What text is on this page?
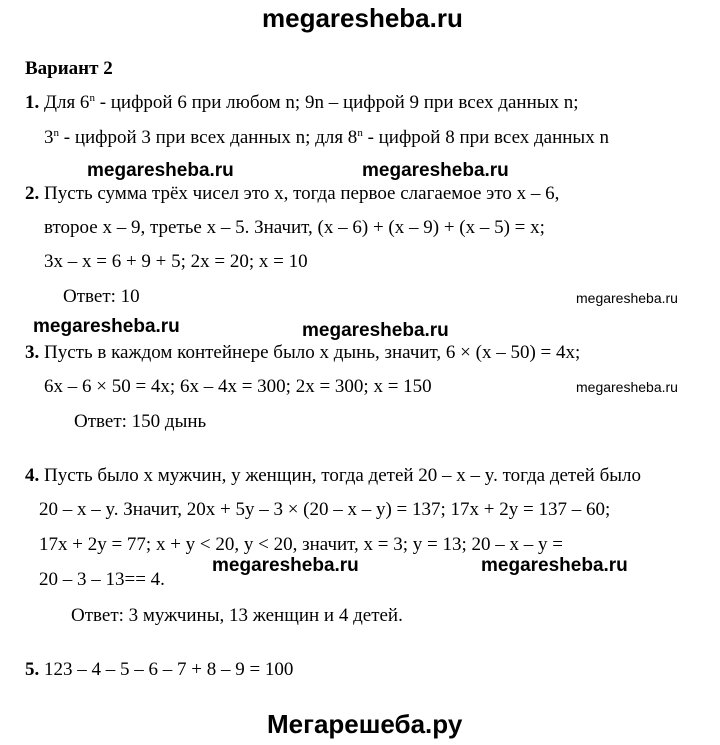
megaresheba.ru
Вариант 2
1. Для 6$^n$ - цифрой 6 при любом n; 9n – цифрой 9 при всех данных n;
3$^n$ - цифрой 3 при всех данных n; для 8$^n$ - цифрой 8 при всех данных n
megaresheba.ru	megaresheba.ru
2. Пусть сумма трёх чисел это x, тогда первое слагаемое это x – 6,
второе x – 9, третье x – 5. Значит, (x – 6) + (x – 9) + (x – 5) = x;
3x – x = 6 + 9 + 5; 2x = 20; x = 10
Ответ: 10	megaresheba.ru
megaresheba.ru	megaresheba.ru
3. Пусть в каждом контейнере было x дынь, значит, 6 × (x – 50) = 4x;
6x – 6 × 50 = 4x; 6x – 4x = 300; 2x = 300; x = 150	megaresheba.ru
Ответ: 150 дынь
4. Пусть было x мужчин, y женщин, тогда детей 20 – x – y. тогда детей было
20 – x – y. Значит, 20x + 5y – 3 × (20 – x – y) = 137; 17x + 2y = 137 – 60;
17x + 2y = 77; x + y < 20, y < 20, значит, x = 3; y = 13; 20 – x – y =
20 – 3 – 13== 4.
megaresheba.ru	megaresheba.ru
Ответ: 3 мужчины, 13 женщин и 4 детей.
5. 123 – 4 – 5 – 6 – 7 + 8 – 9 = 100
Мегарешеба.ру
